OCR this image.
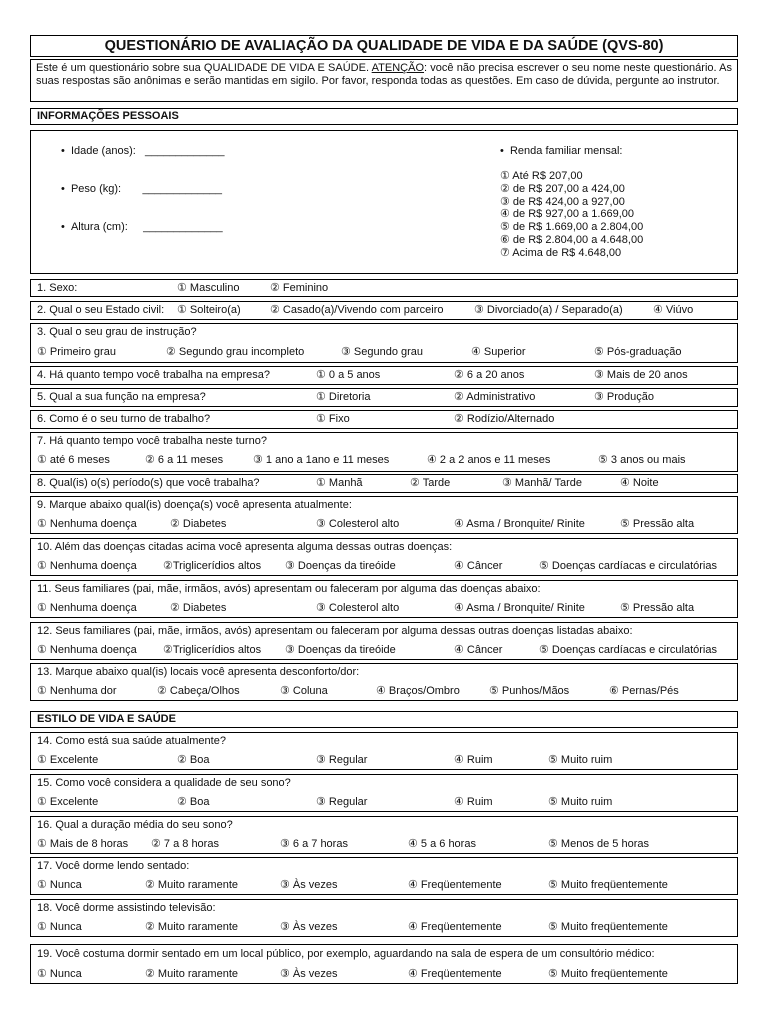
QUESTIONÁRIO DE AVALIAÇÃO DA QUALIDADE DE VIDA E DA SAÚDE (QVS-80)
Este é um questionário sobre sua QUALIDADE DE VIDA E SAÚDE. ATENÇÃO: você não precisa escrever o seu nome neste questionário. As suas respostas são anônimas e serão mantidas em sigilo. Por favor, responda todas as questões. Em caso de dúvida, pergunte ao instrutor.
INFORMAÇÕES PESSOAIS
•  Idade (anos): _____________
•  Peso (kg): _____________
•  Altura (cm): _____________
•  Renda familiar mensal:
① Até R$ 207,00
② de R$ 207,00 a 424,00
③ de R$ 424,00 a 927,00
④ de R$ 927,00 a 1.669,00
⑤ de R$ 1.669,00 a 2.804,00
⑥ de R$ 2.804,00 a 4.648,00
⑦ Acima de R$ 4.648,00
1. Sexo:	① Masculino	② Feminino
2. Qual o seu Estado civil: ① Solteiro(a)	② Casado(a)/Vivendo com parceiro	③ Divorciado(a) / Separado(a)	④ Viúvo
3. Qual o seu grau de instrução?
① Primeiro grau	② Segundo grau incompleto	③ Segundo grau	④ Superior	⑤ Pós-graduação
4. Há quanto tempo você trabalha na empresa?	① 0 a 5 anos	② 6 a 20 anos	③ Mais de 20 anos
5. Qual a sua função na empresa?	① Diretoria	② Administrativo	③ Produção
6. Como é o seu turno de trabalho?	① Fixo	② Rodízio/Alternado
7. Há quanto tempo você trabalha neste turno?
① até 6 meses	② 6 a 11 meses	③ 1 ano a 1ano e 11 meses	④ 2 a 2 anos e 11 meses	⑤ 3 anos ou mais
8. Qual(is) o(s) período(s) que você trabalha?	① Manhã	② Tarde	③ Manhã/ Tarde	④ Noite
9. Marque abaixo qual(is) doença(s) você apresenta atualmente:
① Nenhuma doença	② Diabetes	③ Colesterol alto	④ Asma / Bronquite/ Rinite	⑤ Pressão alta
10. Além das doenças citadas acima você apresenta alguma dessas outras doenças:
① Nenhuma doença ②Triglicerídios altos ③ Doenças da tireóide	④ Câncer	⑤ Doenças cardíacas e circulatórias
11. Seus familiares (pai, mãe, irmãos, avós) apresentam ou faleceram por alguma das doenças abaixo:
① Nenhuma doença	② Diabetes	③ Colesterol alto	④ Asma / Bronquite/ Rinite	⑤ Pressão alta
12. Seus familiares (pai, mãe, irmãos, avós) apresentam ou faleceram por alguma dessas outras doenças listadas abaixo:
① Nenhuma doença ②Triglicerídios altos ③ Doenças da tireóide	④ Câncer	⑤ Doenças cardíacas e circulatórias
13. Marque abaixo qual(is) locais você apresenta desconforto/dor:
① Nenhuma dor	② Cabeça/Olhos	③ Coluna	④ Braços/Ombro	⑤ Punhos/Mãos	⑥ Pernas/Pés
ESTILO DE VIDA E SAÚDE
14. Como está sua saúde atualmente?
① Excelente	② Boa	③ Regular	④ Ruim	⑤ Muito ruim
15. Como você considera a qualidade de seu sono?
① Excelente	② Boa	③ Regular	④ Ruim	⑤ Muito ruim
16. Qual a duração média do seu sono?
① Mais de 8 horas ② 7 a 8 horas	③ 6 a 7 horas	④ 5 a 6 horas	⑤ Menos de 5 horas
17. Você dorme lendo sentado:
① Nunca	② Muito raramente	③ Às vezes	④ Freqüentemente	⑤ Muito freqüentemente
18. Você dorme assistindo televisão:
① Nunca	② Muito raramente	③ Às vezes	④ Freqüentemente	⑤ Muito freqüentemente
19. Você costuma dormir sentado em um local público, por exemplo, aguardando na sala de espera de um consultório médico:
① Nunca	② Muito raramente	③ Às vezes	④ Freqüentemente	⑤ Muito freqüentemente
